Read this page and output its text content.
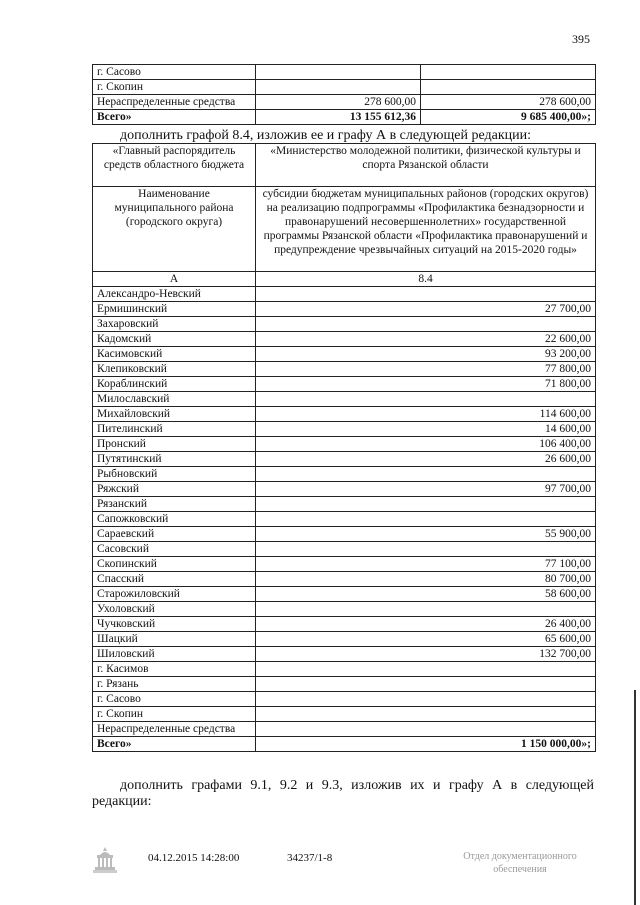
395
г. Сасово		
г. Скопин		
Нераспределенные средства	278 600,00	278 600,00
Всего»	13 155 612,36	9 685 400,00»;
дополнить графой 8.4, изложив ее и графу А в следующей редакции:
«Главный распорядитель средств областного бюджета	«Министерство молодежной политики, физической культуры и спорта Рязанской области
Наименование муниципального района (городского округа)	субсидии бюджетам муниципальных районов (городских округов) на реализацию подпрограммы «Профилактика безнадзорности и правонарушений несовершеннолетних» государственной программы Рязанской области «Профилактика правонарушений и предупреждение чрезвычайных ситуаций на 2015-2020 годы»
А	8.4
Александро-Невский	
Ермишинский	27 700,00
Захаровский	
Кадомский	22 600,00
Касимовский	93 200,00
Клепиковский	77 800,00
Кораблинский	71 800,00
Милославский	
Михайловский	114 600,00
Пителинский	14 600,00
Пронский	106 400,00
Путятинский	26 600,00
Рыбновский	
Ряжский	97 700,00
Рязанский	
Сапожковский	
Сараевский	55 900,00
Сасовский	
Скопинский	77 100,00
Спасский	80 700,00
Старожиловский	58 600,00
Ухоловский	
Чучковский	26 400,00
Шацкий	65 600,00
Шиловский	132 700,00
г. Касимов	
г. Рязань	
г. Сасово	
г. Скопин	
Нераспределенные средства	
Всего»	1 150 000,00»;
дополнить графами 9.1, 9.2 и 9.3, изложив их и графу А в следующей
редакции:
04.12.2015 14:28:00	34237/1-8	Отдел документационного
обеспечения
